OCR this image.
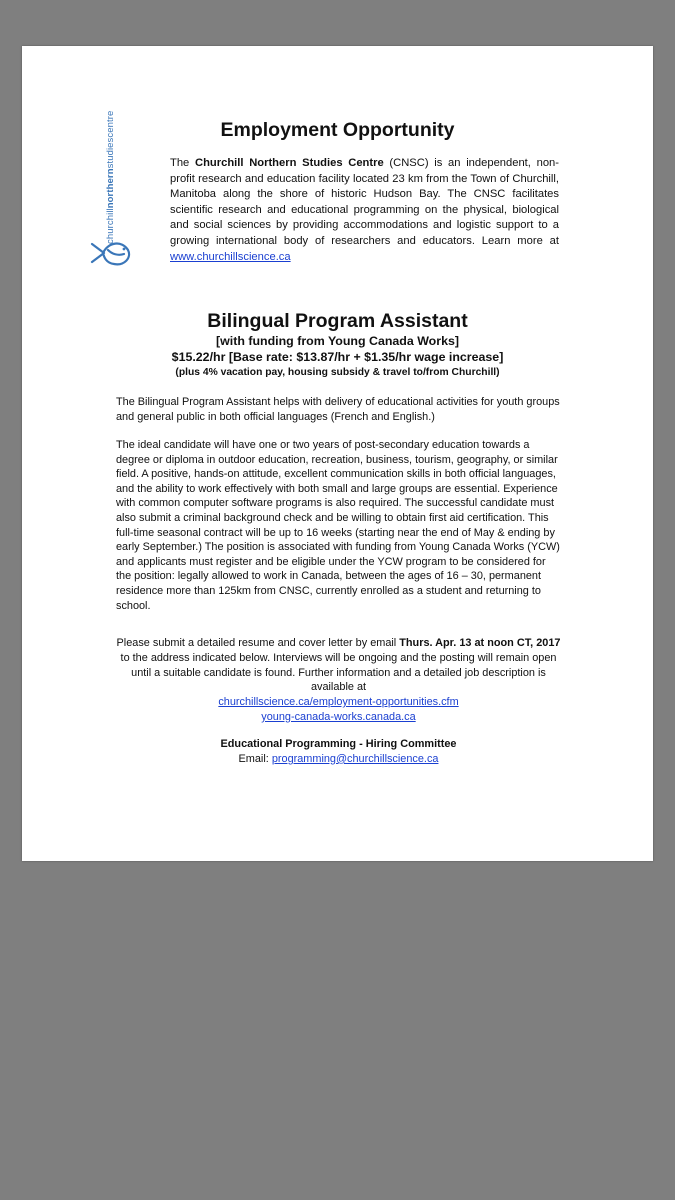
churchillnorthernstudiescentre	Employment Opportunity
The Churchill Northern Studies Centre (CNSC) is an independent, non-profit research and education facility located 23 km from the Town of Churchill, Manitoba along the shore of historic Hudson Bay. The CNSC facilitates scientific research and educational programming on the physical, biological and social sciences by providing accommodations and logistic support to a growing international body of researchers and educators. Learn more at www.churchillscience.ca
Bilingual Program Assistant
[with funding from Young Canada Works]
$15.22/hr [Base rate: $13.87/hr + $1.35/hr wage increase]
(plus 4% vacation pay, housing subsidy & travel to/from Churchill)
The Bilingual Program Assistant helps with delivery of educational activities for youth groups and general public in both official languages (French and English.)
The ideal candidate will have one or two years of post-secondary education towards a degree or diploma in outdoor education, recreation, business, tourism, geography, or similar field. A positive, hands-on attitude, excellent communication skills in both official languages, and the ability to work effectively with both small and large groups are essential. Experience with common computer software programs is also required. The successful candidate must also submit a criminal background check and be willing to obtain first aid certification. This full-time seasonal contract will be up to 16 weeks (starting near the end of May & ending by early September.) The position is associated with funding from Young Canada Works (YCW) and applicants must register and be eligible under the YCW program to be considered for the position: legally allowed to work in Canada, between the ages of 16 – 30, permanent residence more than 125km from CNSC, currently enrolled as a student and returning to school.
Please submit a detailed resume and cover letter by email Thurs. Apr. 13 at noon CT, 2017 to the address indicated below. Interviews will be ongoing and the posting will remain open until a suitable candidate is found. Further information and a detailed job description is available at
churchillscience.ca/employment-opportunities.cfm
young-canada-works.canada.ca
Educational Programming - Hiring Committee
Email: programming@churchillscience.ca
